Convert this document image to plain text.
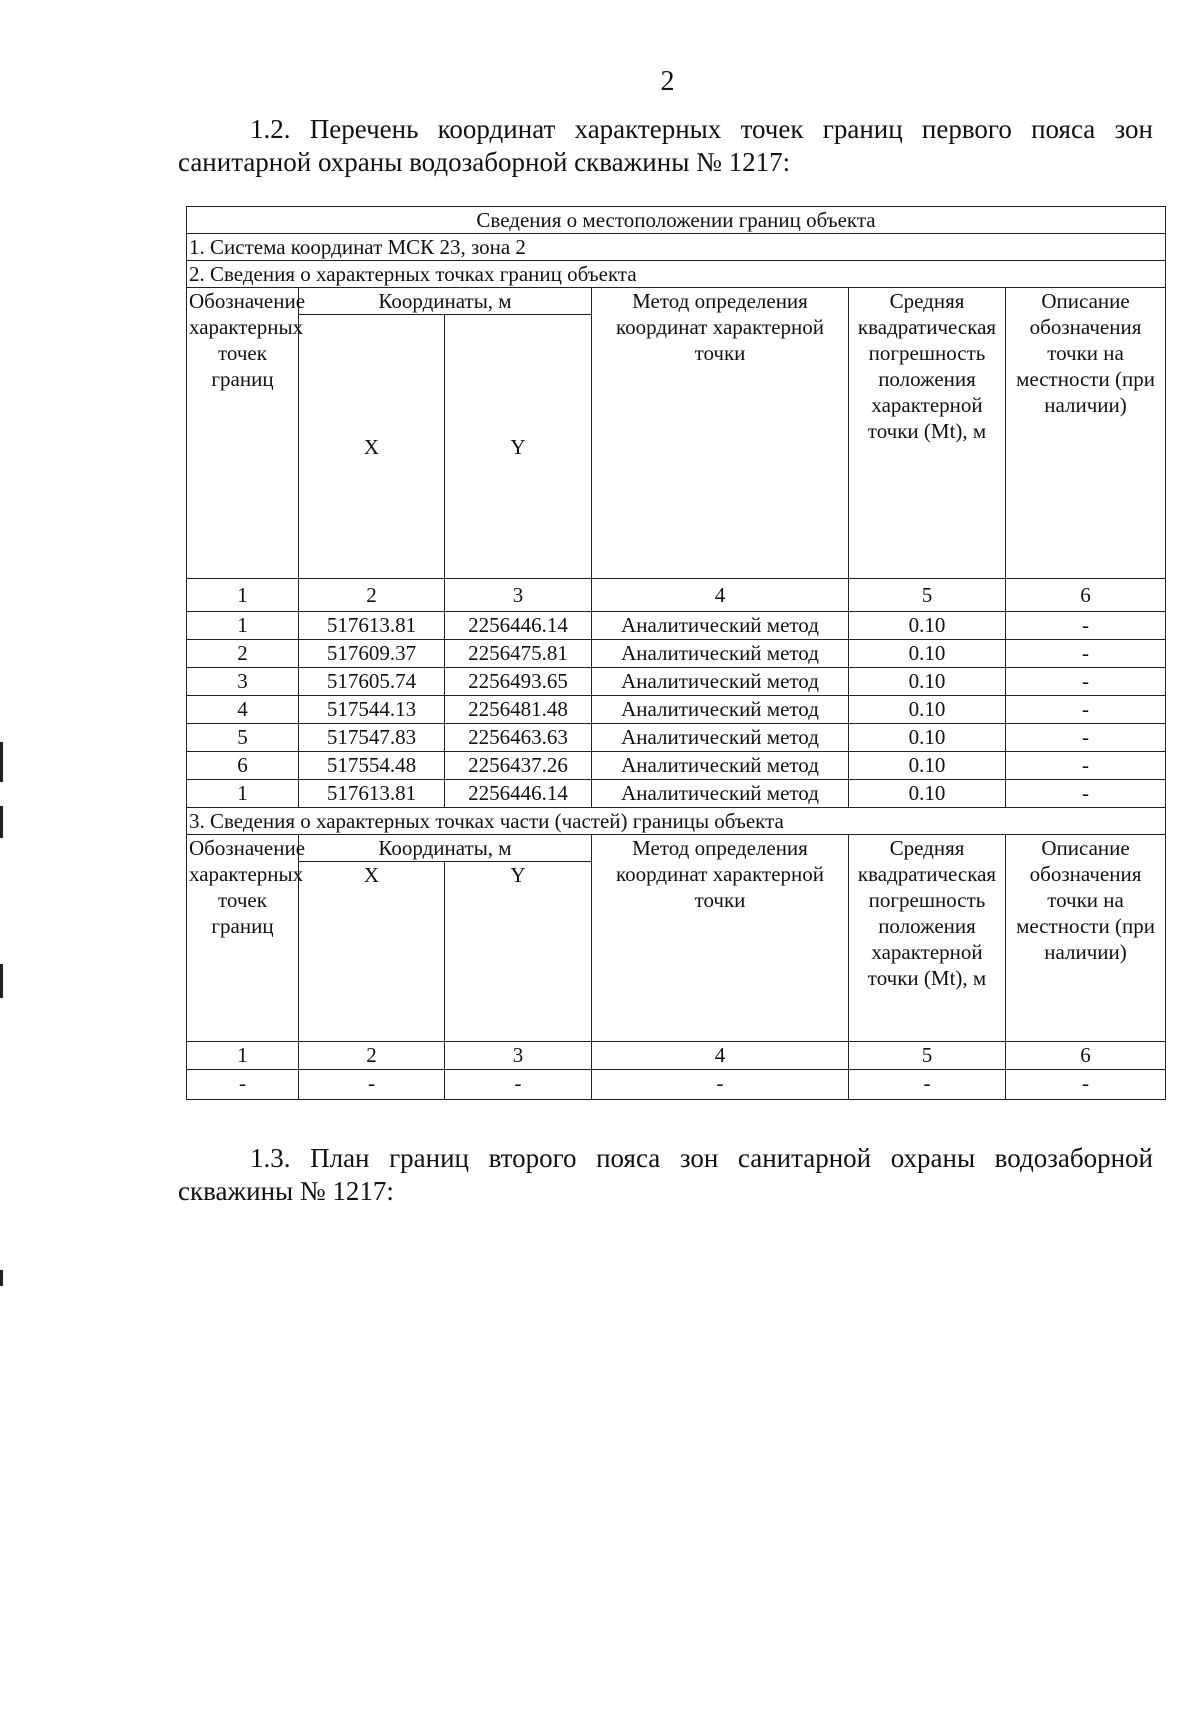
2
1.2. Перечень координат характерных точек границ первого пояса зон
санитарной охраны водозаборной скважины № 1217:
Сведения о местоположении границ объекта					
1. Система координат МСК 23, зона 2					
2. Сведения о характерных точках границ объекта					
Обозначение характерных точек границ	Координаты, м		Метод определения координат характерной точки	Средняя квадратическая погрешность положения характерной точки (Mt), м	Описание обозначения точки на местности (при наличии)
	X	Y			
1	2	3	4	5	6
1	517613.81	2256446.14	Аналитический метод	0.10	-
2	517609.37	2256475.81	Аналитический метод	0.10	-
3	517605.74	2256493.65	Аналитический метод	0.10	-
4	517544.13	2256481.48	Аналитический метод	0.10	-
5	517547.83	2256463.63	Аналитический метод	0.10	-
6	517554.48	2256437.26	Аналитический метод	0.10	-
1	517613.81	2256446.14	Аналитический метод	0.10	-
3. Сведения о характерных точках части (частей) границы объекта					
Обозначение характерных точек границ	Координаты, м		Метод определения координат характерной точки	Средняя квадратическая погрешность положения характерной точки (Mt), м	Описание обозначения точки на местности (при наличии)
	X	Y			
1	2	3	4	5	6
-	-	-	-	-	-
1.3. План границ второго пояса зон санитарной охраны водозаборной
скважины № 1217:
